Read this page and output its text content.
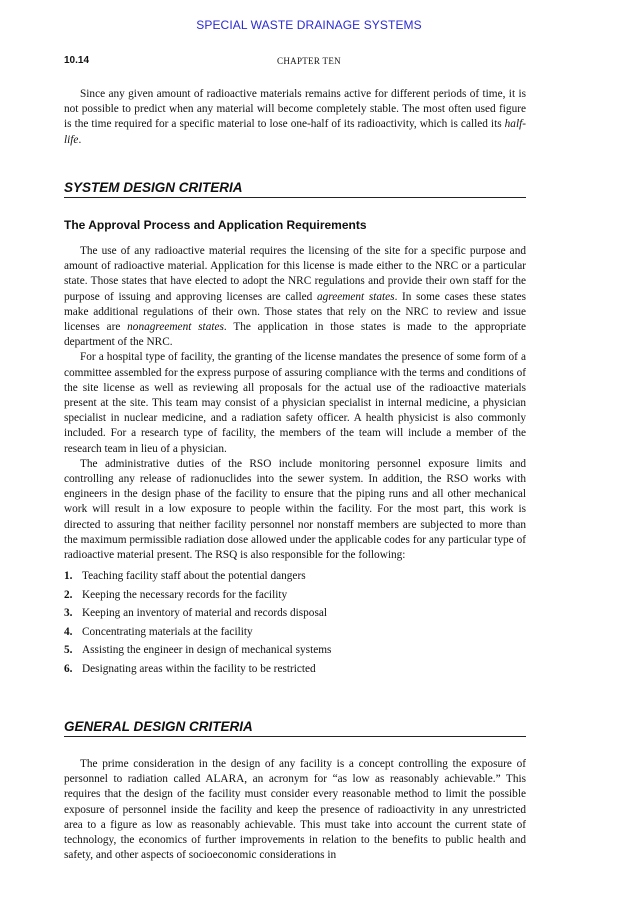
SPECIAL WASTE DRAINAGE SYSTEMS
10.14	CHAPTER TEN

Since any given amount of radioactive materials remains active for different periods of time, it is not possible to predict when any material will become completely stable. The most often used figure is the time required for a specific material to lose one-half of its radioactivity, which is called its half-life.

SYSTEM DESIGN CRITERIA
The Approval Process and Application Requirements

The use of any radioactive material requires the licensing of the site for a specific purpose and amount of radioactive material. Application for this license is made either to the NRC or a particular state. Those states that have elected to adopt the NRC regulations and provide their own staff for the purpose of issuing and approving licenses are called agreement states. In some cases these states make additional regulations of their own. Those states that rely on the NRC to review and issue licenses are nonagreement states. The application in those states is made to the appropriate department of the NRC.

For a hospital type of facility, the granting of the license mandates the presence of some form of a committee assembled for the express purpose of assuring compliance with the terms and conditions of the site license as well as reviewing all proposals for the actual use of the radioactive materials present at the site. This team may consist of a physician specialist in internal medicine, a physician specialist in nuclear medicine, and a radiation safety officer. A health physicist is also commonly included. For a research type of facility, the members of the team will include a member of the research team in lieu of a physician.

The administrative duties of the RSO include monitoring personnel exposure limits and controlling any release of radionuclides into the sewer system. In addition, the RSO works with engineers in the design phase of the facility to ensure that the piping runs and all other mechanical work will result in a low exposure to people within the facility. For the most part, this work is directed to assuring that neither facility personnel nor nonstaff members are subjected to more than the maximum permissible radiation dose allowed under the applicable codes for any particular type of radioactive material present. The RSQ is also responsible for the following:

1. Teaching facility staff about the potential dangers
2. Keeping the necessary records for the facility
3. Keeping an inventory of material and records disposal
4. Concentrating materials at the facility
5. Assisting the engineer in design of mechanical systems
6. Designating areas within the facility to be restricted
GENERAL DESIGN CRITERIA

The prime consideration in the design of any facility is a concept controlling the exposure of personnel to radiation called ALARA, an acronym for “as low as reasonably achievable.” This requires that the design of the facility must consider every reasonable method to limit the possible exposure of personnel inside the facility and keep the presence of radioactivity in any unrestricted area to a figure as low as reasonably achievable. This must take into account the current state of technology, the economics of further improvements in relation to the benefits to public health and safety, and other aspects of socioeconomic considerations in
